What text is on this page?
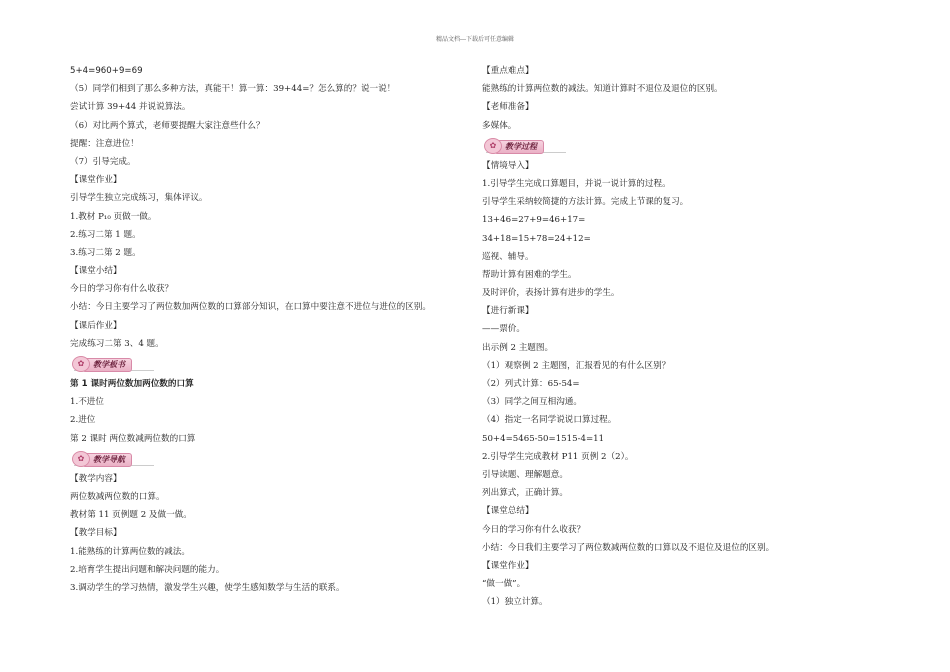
精品文档---下载后可任意编辑
5+4=960+9=69
（5）同学们相到了那么多种方法，真能干！算一算：39+44=？怎么算的？说一说！
尝试计算 39+44 并说说算法。
（6）对比两个算式，老师要提醒大家注意些什么？
提醒：注意进位！
（7）引导完成。
【课堂作业】
引导学生独立完成练习，集体评议。
1.教材 P₁₀ 页做一做。
2.练习二第 1 题。
3.练习二第 2 题。
【课堂小结】
今日的学习你有什么收获？
小结：今日主要学习了两位数加两位数的口算部分知识，在口算中要注意不进位与进位的区别。
【课后作业】
完成练习二第 3、4 题。
教学板书
✿
第 1 课时两位数加两位数的口算
1.不进位
2.进位
第 2 课时 两位数减两位数的口算
教学导航
✿
【教学内容】
两位数减两位数的口算。
教材第 11 页例题 2 及做一做。
【教学目标】
1.能熟练的计算两位数的减法。
2.培育学生提出问题和解决问题的能力。
3.调动学生的学习热情，激发学生兴趣，使学生感知数学与生活的联系。
【重点难点】
能熟练的计算两位数的减法。知道计算时不退位及退位的区别。
【老师准备】
多媒体。
教学过程
✿
【情境导入】
1.引导学生完成口算题目，并说一说计算的过程。
引导学生采纳较简捷的方法计算。完成上节课的复习。
13+46=27+9=46+17=
34+18=15+78=24+12=
巡视、辅导。
帮助计算有困难的学生。
及时评价，表扬计算有进步的学生。
【进行新课】
——票价。
出示例 2 主题图。
（1）观察例 2 主题图，汇报看见的有什么区别？
（2）列式计算：65-54=
（3）同学之间互相沟通。
（4）指定一名同学说说口算过程。
50+4=5465-50=1515-4=11
2.引导学生完成教材 P11 页例 2（2）。
引导读题、理解题意。
列出算式，正确计算。
【课堂总结】
今日的学习你有什么收获？
小结：今日我们主要学习了两位数减两位数的口算以及不退位及退位的区别。
【课堂作业】
“做一做”。
（1）独立计算。
